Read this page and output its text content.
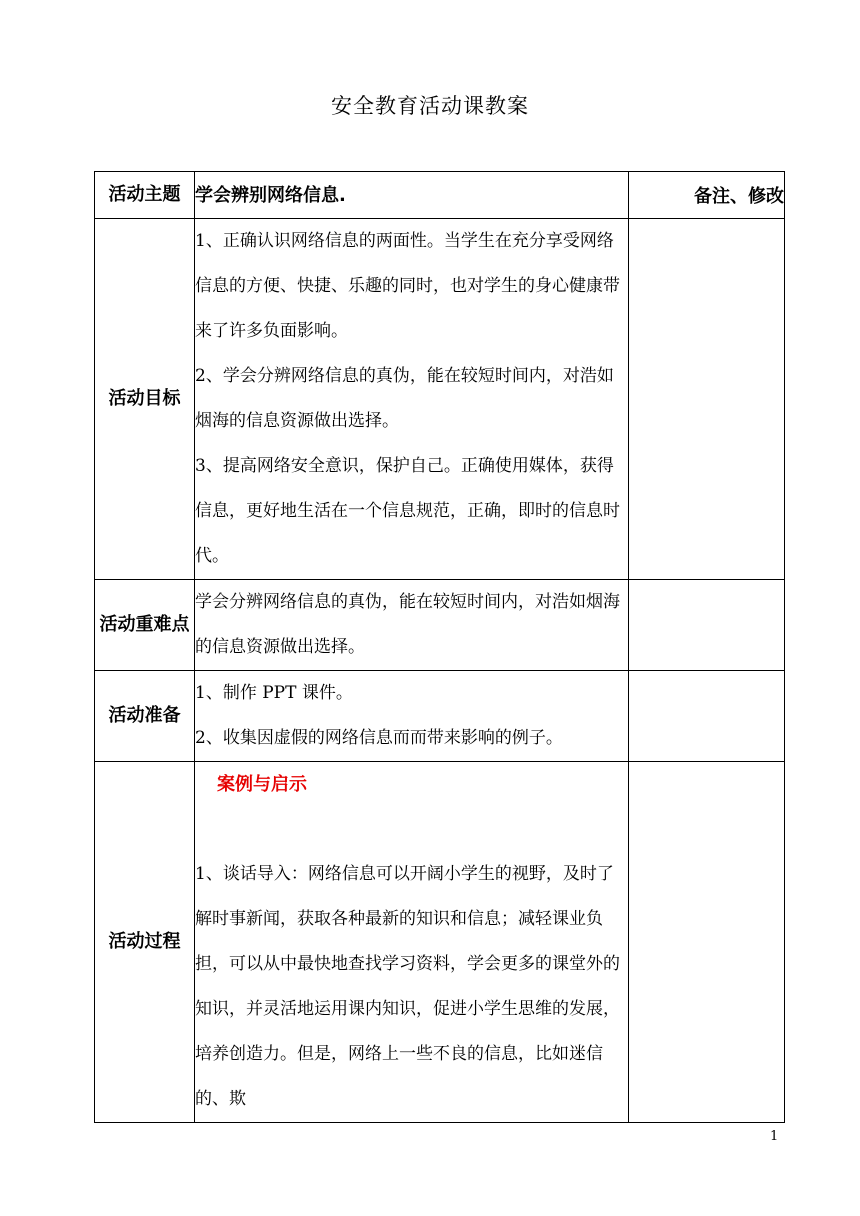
安全教育活动课教案
活动主题	学会辨别网络信息.	备注、修改
活动目标	1、正确认识网络信息的两面性。当学生在充分享受网络信息的方便、快捷、乐趣的同时，也对学生的身心健康带来了许多负面影响。

2、学会分辨网络信息的真伪，能在较短时间内，对浩如烟海的信息资源做出选择。

3、提高网络安全意识，保护自己。正确使用媒体，获得信息，更好地生活在一个信息规范，正确，即时的信息时代。	

活动重难点	学会分辨网络信息的真伪，能在较短时间内，对浩如烟海的信息资源做出选择。	
活动准备	1、制作 PPT 课件。

2、收集因虚假的网络信息而而带来影响的例子。	

活动过程	案例与启示

1、谈话导入：网络信息可以开阔小学生的视野，及时了解时事新闻，获取各种最新的知识和信息；减轻课业负担，可以从中最快地查找学习资料，学会更多的课堂外的知识，并灵活地运用课内知识，促进小学生思维的发展，培养创造力。但是，网络上一些不良的信息，比如迷信的、欺	

1
